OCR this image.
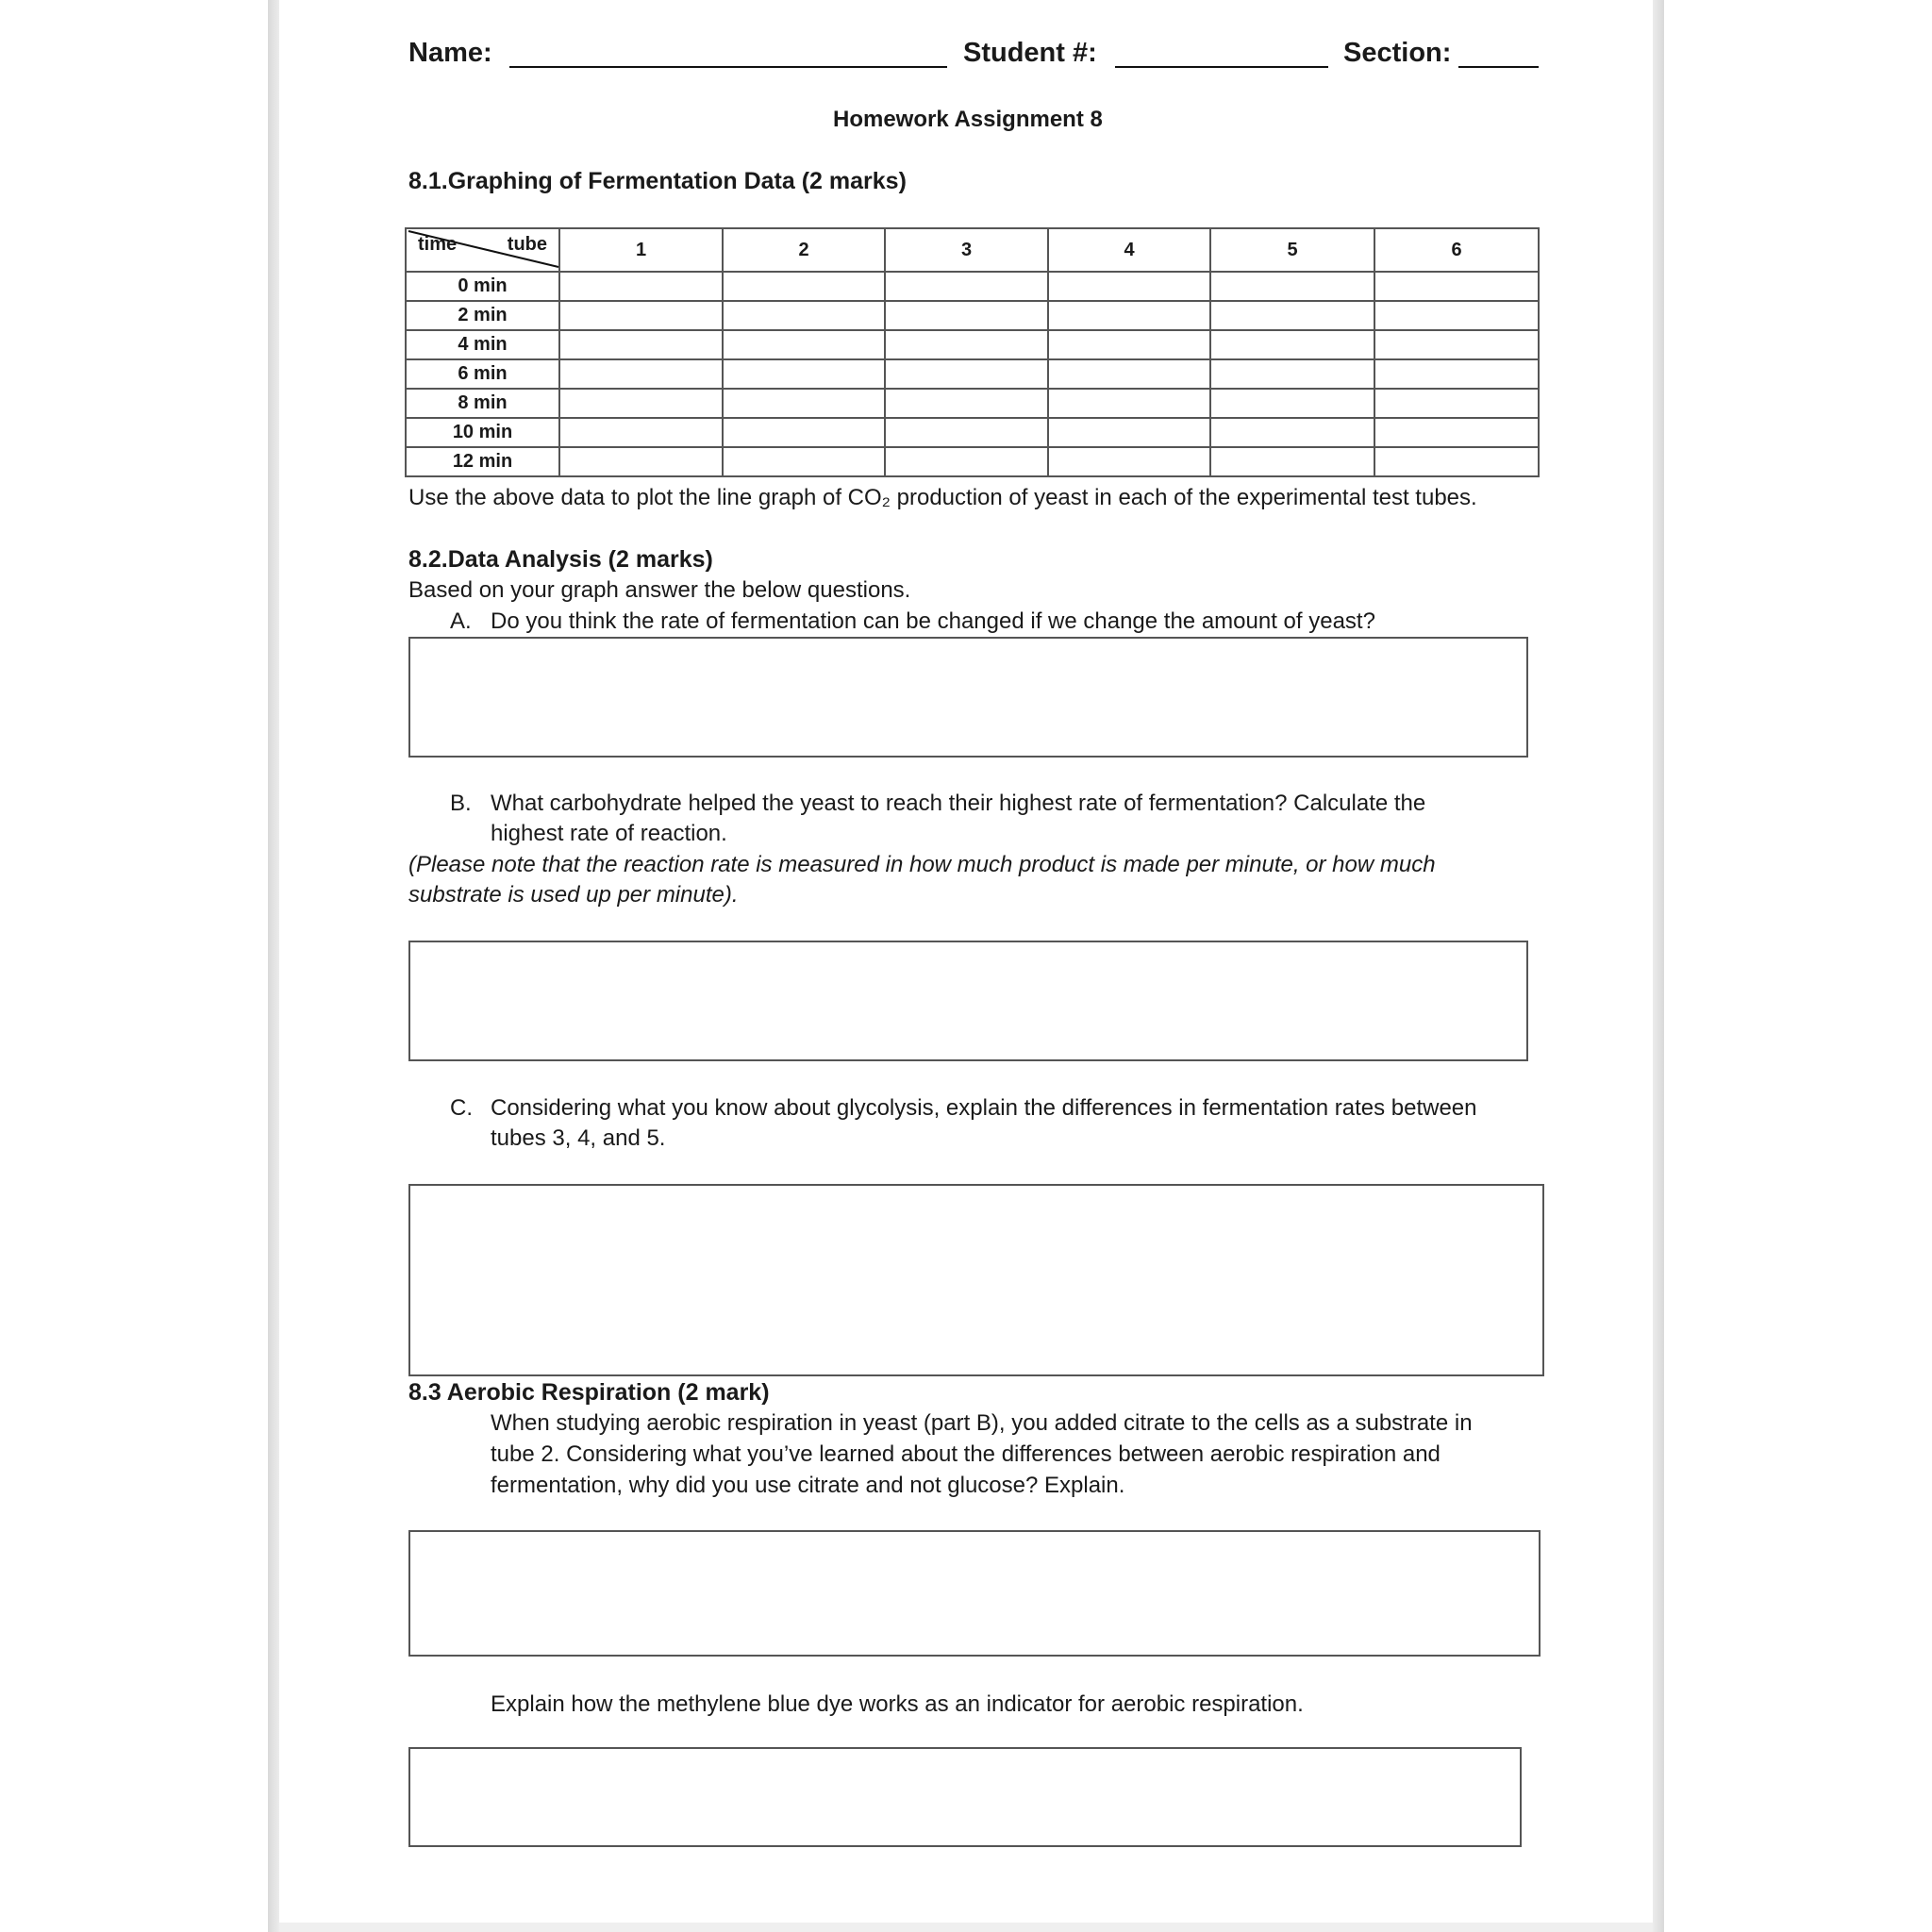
Name:	Student #:	Section:
Homework Assignment 8
8.1.Graphing of Fermentation Data (2 marks)
time tube	1	2	3	4	5	6
0 min						
2 min						
4 min						
6 min						
8 min						
10 min						
12 min						
Use the above data to plot the line graph of CO₂ production of yeast in each of the experimental test tubes.
8.2.Data Analysis (2 marks)
Based on your graph answer the below questions.
A. Do you think the rate of fermentation can be changed if we change the amount of yeast?
B. What carbohydrate helped the yeast to reach their highest rate of fermentation? Calculate the
highest rate of reaction.
(Please note that the reaction rate is measured in how much product is made per minute, or how much
substrate is used up per minute).
C. Considering what you know about glycolysis, explain the differences in fermentation rates between
tubes 3, 4, and 5.
8.3 Aerobic Respiration (2 mark)
When studying aerobic respiration in yeast (part B), you added citrate to the cells as a substrate in
tube 2. Considering what you’ve learned about the differences between aerobic respiration and
fermentation, why did you use citrate and not glucose? Explain.
Explain how the methylene blue dye works as an indicator for aerobic respiration.
